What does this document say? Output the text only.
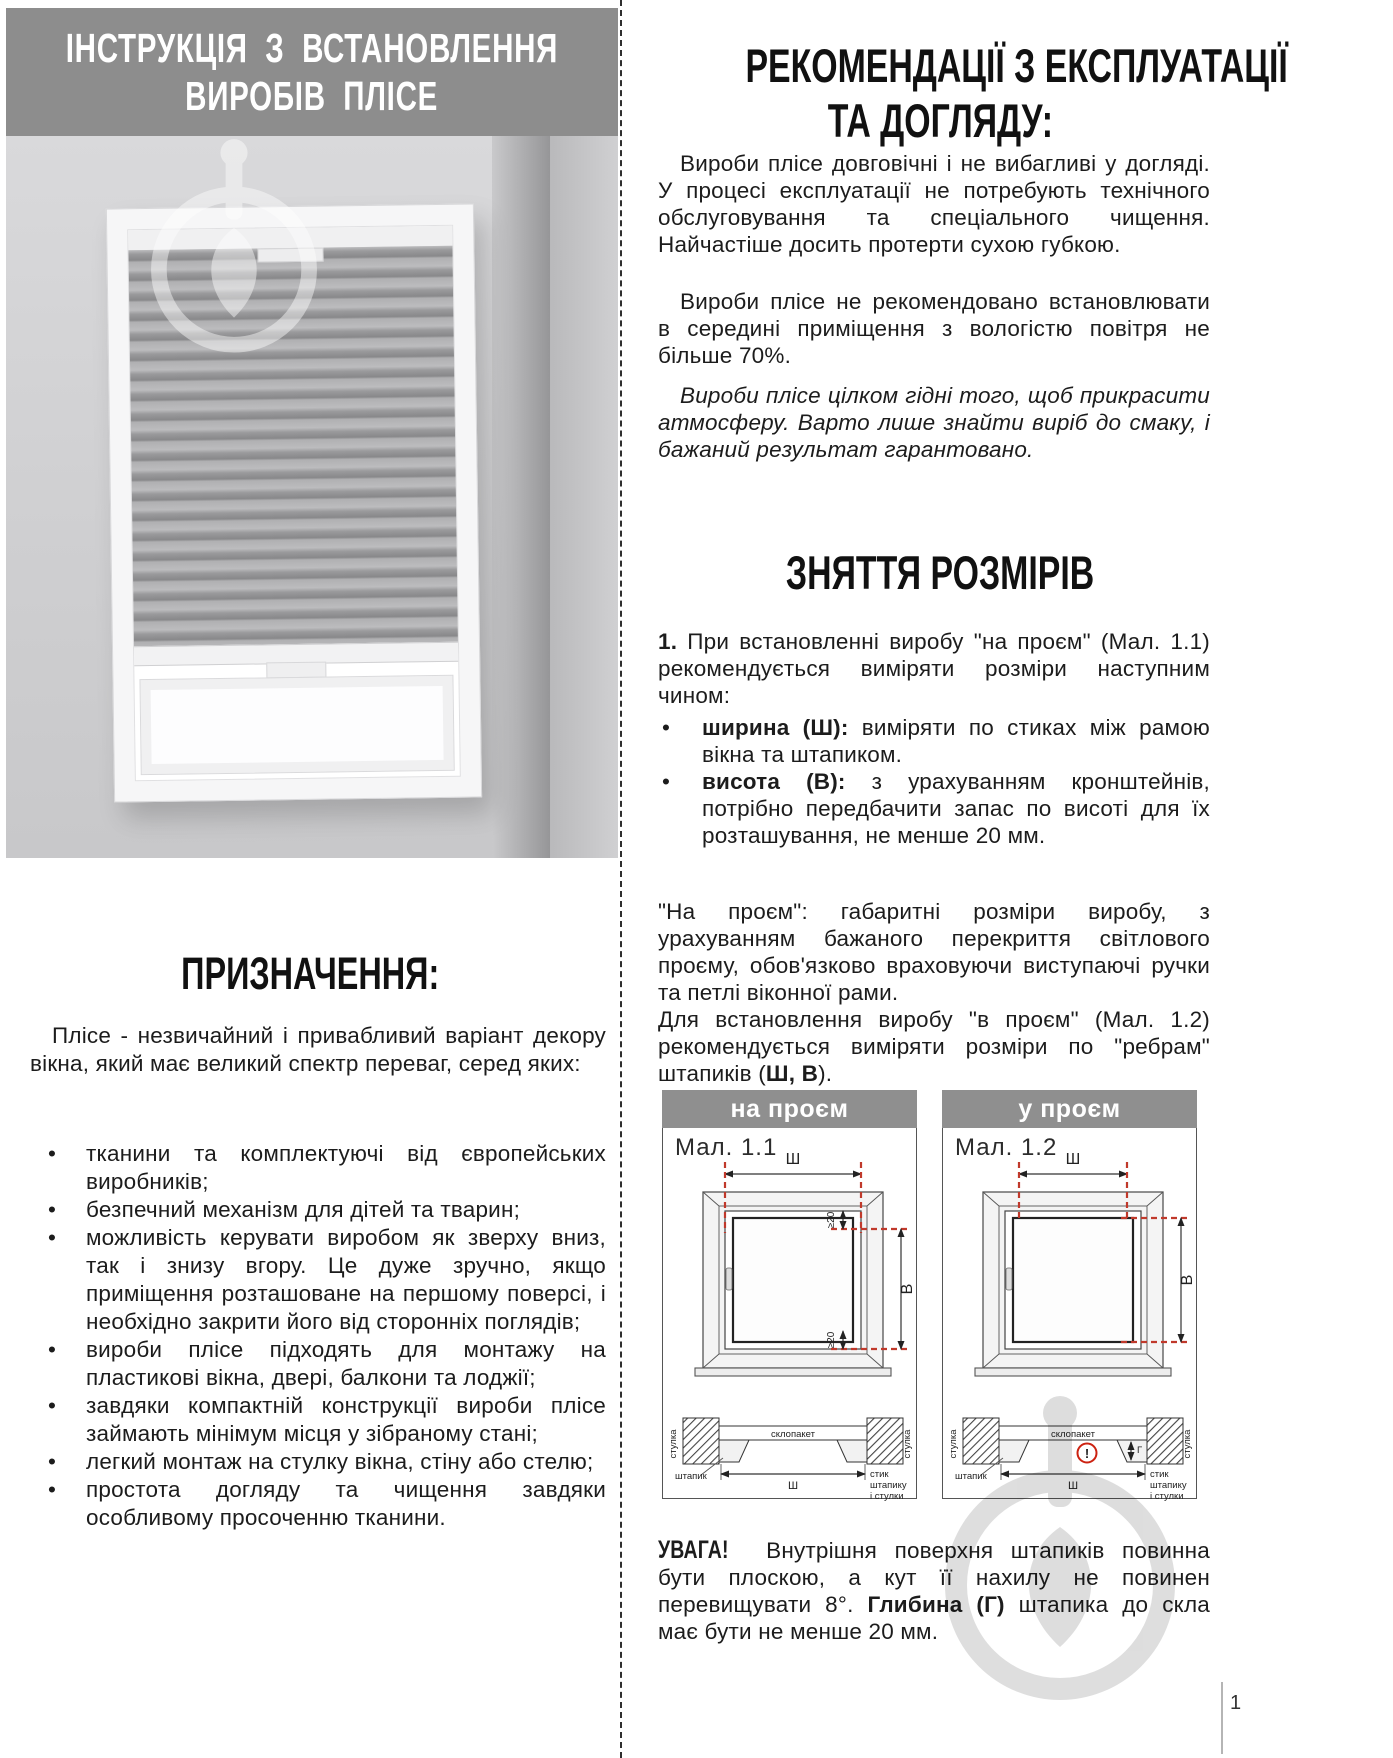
ІНСТРУКЦІЯ З ВСТАНОВЛЕННЯ
ВИРОБІВ ПЛІСЕ
ПРИЗНАЧЕННЯ:
Плісе - незвичайний і привабливий варіант декору вікна, який має великий спектр переваг, серед яких:
• тканини та комплектуючі від європейських виробників;
• безпечний механізм для дітей та тварин;
• можливість керувати виробом як зверху вниз, так і знизу вгору. Це дуже зручно, якщо приміщення розташоване на першому поверсі, і необхідно закрити його від сторонніх поглядів;
• вироби плісе підходять для монтажу на пластикові вікна, двері, балкони та лоджії;
• завдяки компактній конструкції вироби плісе займають мінімум місця у зібраному стані;
• легкий монтаж на стулку вікна, стіну або стелю;
• простота догляду та чищення завдяки особливому просоченню тканини.
РЕКОМЕНДАЦІЇ З ЕКСПЛУАТАЦІЇ
ТА ДОГЛЯДУ:
Вироби плісе довговічні і не вибагливі у догляді. У процесі експлуатації не потребують технічного обслуговування та спеціального чищення. Найчастіше досить протерти сухою губкою.
Вироби плісе не рекомендовано встановлювати в середині приміщення з вологістю повітря не більше 70%.
Вироби плісе цілком гідні того, щоб прикрасити атмосферу. Варто лише знайти виріб до смаку, і бажаний результат гарантовано.
ЗНЯТТЯ РОЗМІРІВ
1. При встановленні виробу "на проєм" (Мал. 1.1) рекомендується виміряти розміри наступним чином:
• ширина (Ш): виміряти по стиках між рамою вікна та штапиком.
• висота (В): з урахуванням кронштейнів, потрібно передбачити запас по висоті для їх розташування, не менше 20 мм.
"На проєм": габаритні розміри виробу, з урахуванням бажаного перекриття світлового проєму, обов'язково враховуючи виступаючі ручки та петлі віконної рами.
Для встановлення виробу "в проєм" (Мал. 1.2) рекомендується виміряти розміри по "ребрам" штапиків (Ш, В).
на проєм
Мал. 1.1 Ш
≥20
≥20
В
склопакет
Ш
штапик
стулка	стулка
стик
штапику
і стулки
у проєм
Мал. 1.2 Ш
В
склопакет
!	Г
Ш
штапик
стулка	стулка
стик
штапику
і стулки
УВАГА! Внутрішня поверхня штапиків повинна бути плоскою, а кут її нахилу не повинен перевищувати 8°. Глибина (Г) штапика до скла має бути не менше 20 мм.
1
